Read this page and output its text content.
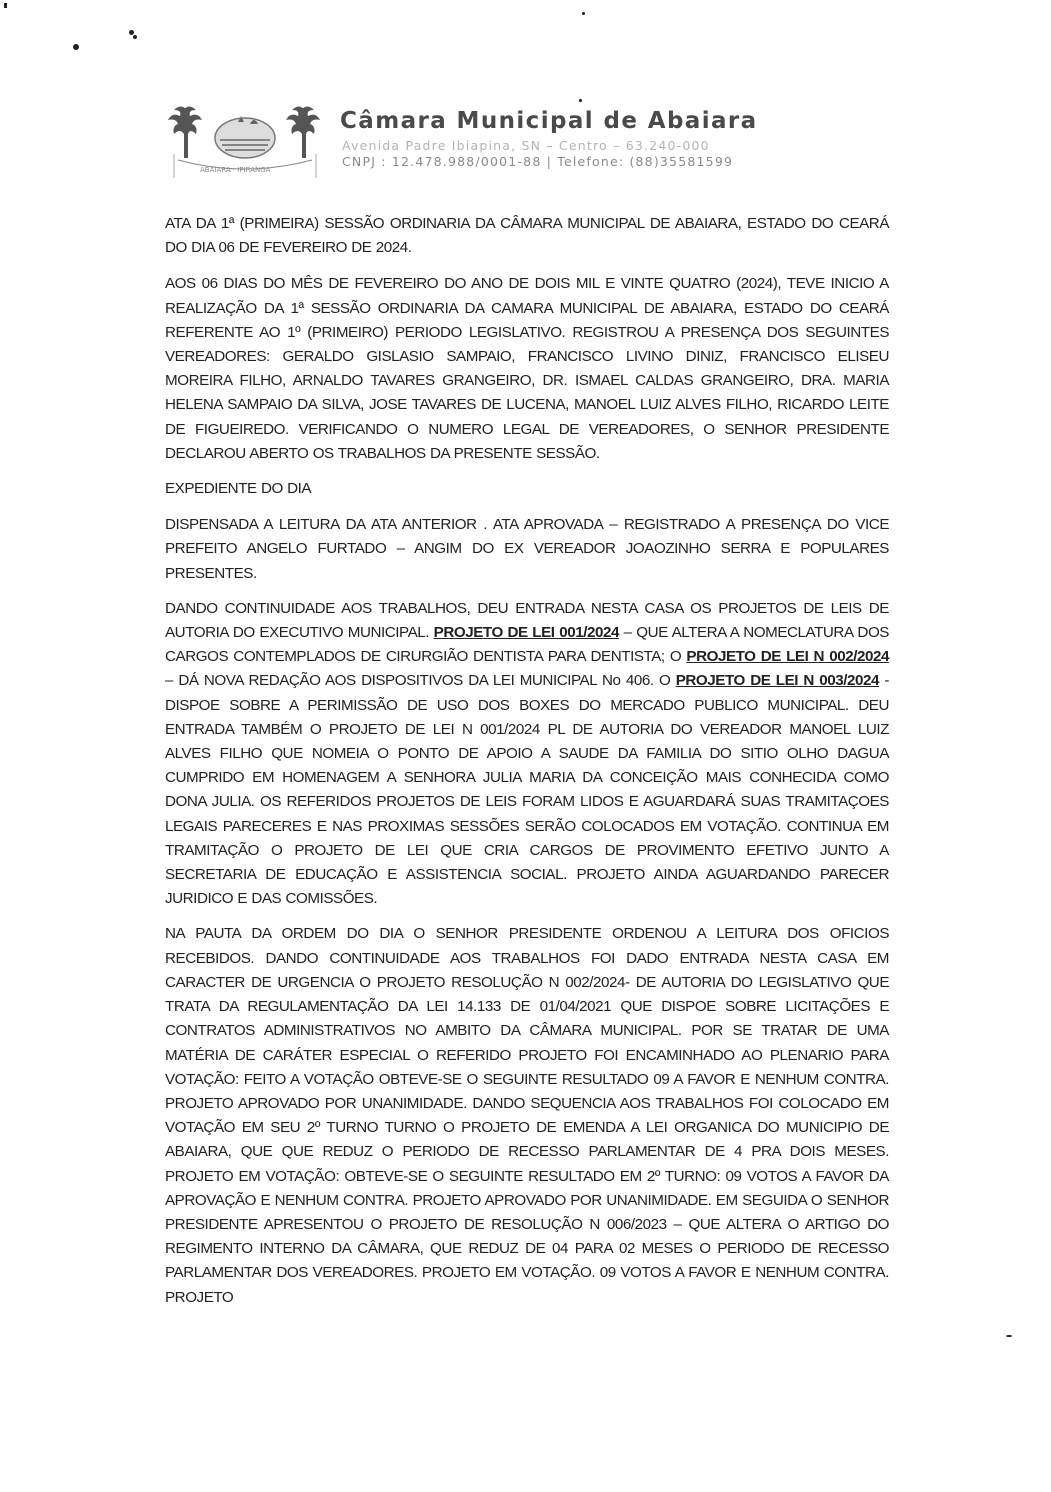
ABAIARA · IPIRANGA
Câmara Municipal de Abaiara
Avenida Padre Ibiapina, SN – Centro – 63.240-000
CNPJ : 12.478.988/0001-88 | Telefone: (88)35581599

ATA DA 1ª (PRIMEIRA) SESSÃO ORDINARIA DA CÂMARA MUNICIPAL DE ABAIARA, ESTADO DO CEARÁ DO DIA 06 DE FEVEREIRO DE 2024.

AOS 06 DIAS DO MÊS DE FEVEREIRO DO ANO DE DOIS MIL E VINTE QUATRO (2024), TEVE INICIO A REALIZAÇÃO DA 1ª SESSÃO ORDINARIA DA CAMARA MUNICIPAL DE ABAIARA, ESTADO DO CEARÁ REFERENTE AO 1º (PRIMEIRO) PERIODO LEGISLATIVO. REGISTROU A PRESENÇA DOS SEGUINTES VEREADORES: GERALDO GISLASIO SAMPAIO, FRANCISCO LIVINO DINIZ, FRANCISCO ELISEU MOREIRA FILHO, ARNALDO TAVARES GRANGEIRO, DR. ISMAEL CALDAS GRANGEIRO, DRA. MARIA HELENA SAMPAIO DA SILVA, JOSE TAVARES DE LUCENA, MANOEL LUIZ ALVES FILHO, RICARDO LEITE DE FIGUEIREDO. VERIFICANDO O NUMERO LEGAL DE VEREADORES, O SENHOR PRESIDENTE DECLAROU ABERTO OS TRABALHOS DA PRESENTE SESSÃO.

EXPEDIENTE DO DIA

DISPENSADA A LEITURA DA ATA ANTERIOR . ATA APROVADA – REGISTRADO A PRESENÇA DO VICE PREFEITO ANGELO FURTADO – ANGIM DO EX VEREADOR JOAOZINHO SERRA E POPULARES PRESENTES.

DANDO CONTINUIDADE AOS TRABALHOS, DEU ENTRADA NESTA CASA OS PROJETOS DE LEIS DE AUTORIA DO EXECUTIVO MUNICIPAL. PROJETO DE LEI 001/2024 – QUE ALTERA A NOMECLATURA DOS CARGOS CONTEMPLADOS DE CIRURGIÃO DENTISTA PARA DENTISTA; O PROJETO DE LEI N 002/2024 – DÁ NOVA REDAÇÃO AOS DISPOSITIVOS DA LEI MUNICIPAL No 406. O PROJETO DE LEI N 003/2024 -DISPOE SOBRE A PERIMISSÃO DE USO DOS BOXES DO MERCADO PUBLICO MUNICIPAL. DEU ENTRADA TAMBÉM O PROJETO DE LEI N 001/2024 PL DE AUTORIA DO VEREADOR MANOEL LUIZ ALVES FILHO QUE NOMEIA O PONTO DE APOIO A SAUDE DA FAMILIA DO SITIO OLHO DAGUA CUMPRIDO EM HOMENAGEM A SENHORA JULIA MARIA DA CONCEIÇÃO MAIS CONHECIDA COMO DONA JULIA. OS REFERIDOS PROJETOS DE LEIS FORAM LIDOS E AGUARDARÁ SUAS TRAMITAÇOES LEGAIS PARECERES E NAS PROXIMAS SESSÕES SERÃO COLOCADOS EM VOTAÇÃO. CONTINUA EM TRAMITAÇÃO O PROJETO DE LEI QUE CRIA CARGOS DE PROVIMENTO EFETIVO JUNTO A SECRETARIA DE EDUCAÇÃO E ASSISTENCIA SOCIAL. PROJETO AINDA AGUARDANDO PARECER JURIDICO E DAS COMISSÕES.

NA PAUTA DA ORDEM DO DIA O SENHOR PRESIDENTE ORDENOU A LEITURA DOS OFICIOS RECEBIDOS. DANDO CONTINUIDADE AOS TRABALHOS FOI DADO ENTRADA NESTA CASA EM CARACTER DE URGENCIA O PROJETO RESOLUÇÃO N 002/2024- DE AUTORIA DO LEGISLATIVO QUE TRATA DA REGULAMENTAÇÃO DA LEI 14.133 DE 01/04/2021 QUE DISPOE SOBRE LICITAÇÕES E CONTRATOS ADMINISTRATIVOS NO AMBITO DA CÂMARA MUNICIPAL. POR SE TRATAR DE UMA MATÉRIA DE CARÁTER ESPECIAL O REFERIDO PROJETO FOI ENCAMINHADO AO PLENARIO PARA VOTAÇÃO: FEITO A VOTAÇÃO OBTEVE-SE O SEGUINTE RESULTADO 09 A FAVOR E NENHUM CONTRA. PROJETO APROVADO POR UNANIMIDADE. DANDO SEQUENCIA AOS TRABALHOS FOI COLOCADO EM VOTAÇÃO EM SEU 2º TURNO TURNO O PROJETO DE EMENDA A LEI ORGANICA DO MUNICIPIO DE ABAIARA, QUE QUE REDUZ O PERIODO DE RECESSO PARLAMENTAR DE 4 PRA DOIS MESES. PROJETO EM VOTAÇÃO: OBTEVE-SE O SEGUINTE RESULTADO EM 2º TURNO: 09 VOTOS A FAVOR DA APROVAÇÃO E NENHUM CONTRA. PROJETO APROVADO POR UNANIMIDADE. EM SEGUIDA O SENHOR PRESIDENTE APRESENTOU O PROJETO DE RESOLUÇÃO N 006/2023 – QUE ALTERA O ARTIGO DO REGIMENTO INTERNO DA CÂMARA, QUE REDUZ DE 04 PARA 02 MESES O PERIODO DE RECESSO PARLAMENTAR DOS VEREADORES. PROJETO EM VOTAÇÃO. 09 VOTOS A FAVOR E NENHUM CONTRA. PROJETO
